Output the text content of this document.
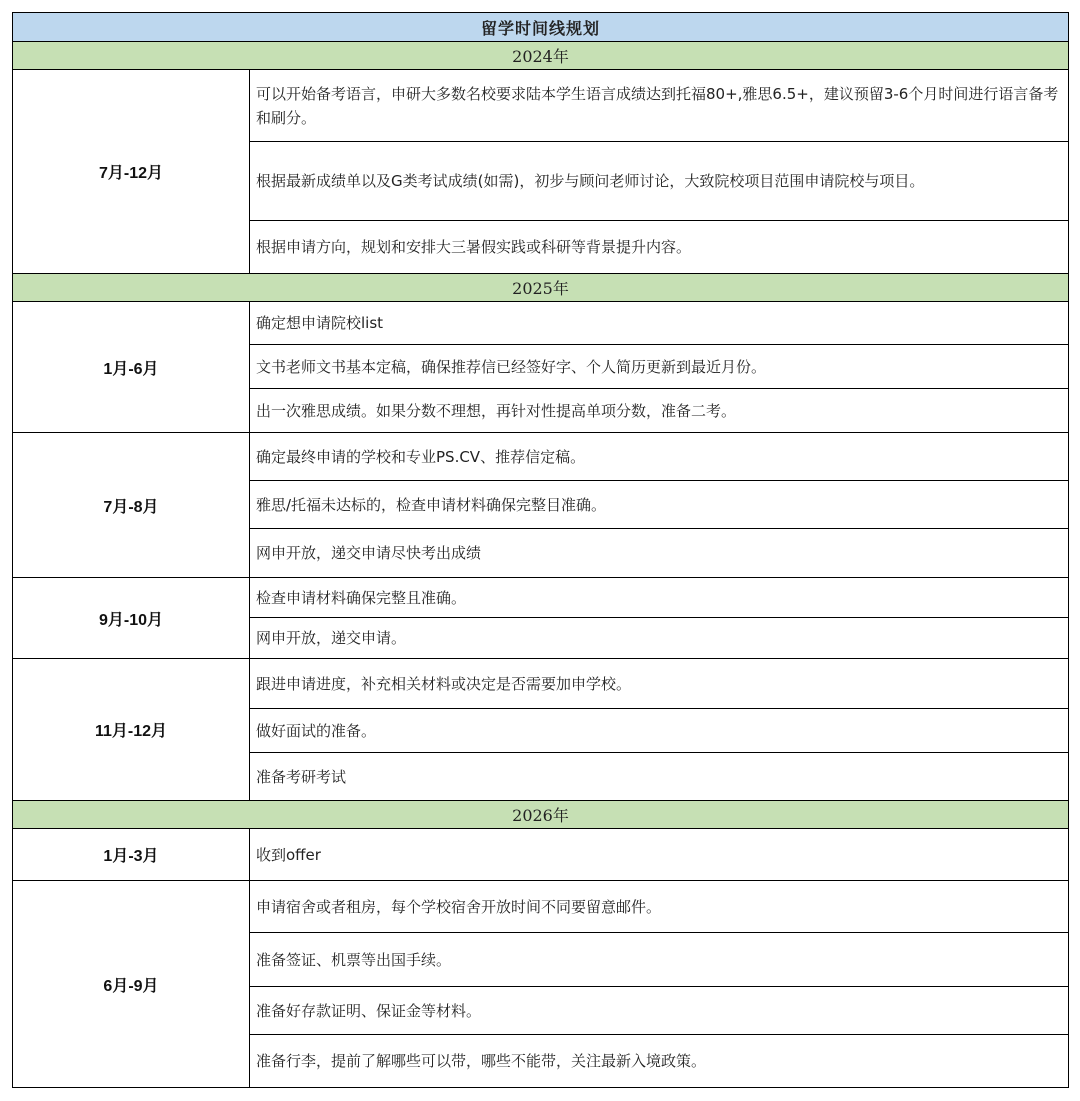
留学时间线规划	
2024年	
7月-12月	可以开始备考语言，申研大多数名校要求陆本学生语言成绩达到托福80+,雅思6.5+，建议预留3-6个月时间进行语言备考和刷分。
	根据最新成绩单以及G类考试成绩(如需)，初步与顾问老师讨论，大致院校项目范围申请院校与项目。
	根据申请方向，规划和安排大三暑假实践或科研等背景提升内容。
2025年	
1月-6月	确定想申请院校list
	文书老师文书基本定稿，确保推荐信已经签好字、个人简历更新到最近月份。
	出一次雅思成绩。如果分数不理想，再针对性提高单项分数，准备二考。
7月-8月	确定最终申请的学校和专业PS.CV、推荐信定稿。
	雅思/托福未达标的，检查申请材料确保完整目准确。
	网申开放，递交申请尽快考出成绩
9月-10月	检查申请材料确保完整且准确。
	网申开放，递交申请。
11月-12月	跟进申请进度，补充相关材料或决定是否需要加申学校。
	做好面试的准备。
	准备考研考试
2026年	
1月-3月	收到offer
6月-9月	申请宿舍或者租房，每个学校宿舍开放时间不同要留意邮件。
	准备签证、机票等出国手续。
	准备好存款证明、保证金等材料。
	准备行李，提前了解哪些可以带，哪些不能带，关注最新入境政策。
